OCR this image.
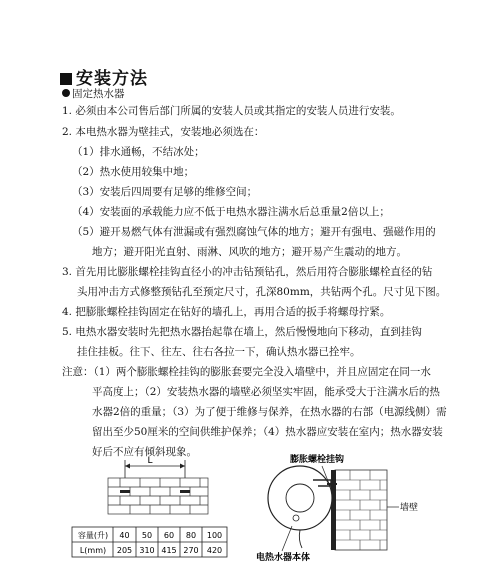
安装方法
固定热水器
1. 必须由本公司售后部门所属的安装人员或其指定的安装人员进行安装。
2. 本电热水器为壁挂式，安装地必须选在：
（1）排水通畅，不结冰处；
（2）热水使用较集中地；
（3）安装后四周要有足够的维修空间；
（4）安装面的承载能力应不低于电热水器注满水后总重量2倍以上；
（5）避开易燃气体有泄漏或有强烈腐蚀气体的地方；避开有强电、强磁作用的
地方；避开阳光直射、雨淋、风吹的地方；避开易产生震动的地方。
3. 首先用比膨胀螺栓挂钩直径小的冲击钻预钻孔，然后用符合膨胀螺栓直径的钻
头用冲击方式修整预钻孔至预定尺寸，孔深80mm，共钻两个孔。尺寸见下图。
4. 把膨胀螺栓挂钩固定在钻好的墙孔上，再用合适的扳手将螺母拧紧。
5. 电热水器安装时先把热水器抬起靠在墙上，然后慢慢地向下移动，直到挂钩
挂住挂板。往下、往左、往右各拉一下，确认热水器已拴牢。
注意：（1）两个膨胀螺栓挂钩的膨胀套要完全没入墙壁中，并且应固定在同一水
平高度上；（2）安装热水器的墙壁必须坚实牢固，能承受大于注满水后的热
水器2倍的重量；（3）为了便于维修与保养，在热水器的右部（电源线侧）需
留出至少50厘米的空间供维护保养；（4）热水器应安装在室内；热水器安装
好后不应有倾斜现象。
L
容量(升)
L(mm)
40 50 60 80 100
205 310 415 270 420
膨胀螺栓挂钩
墙壁
电热水器本体
